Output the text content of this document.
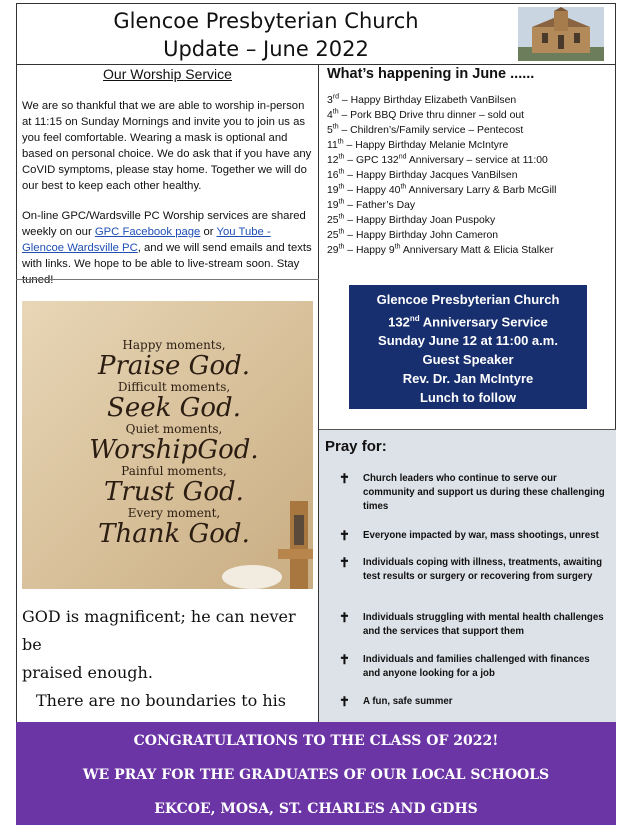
Glencoe Presbyterian Church
Update – June 2022
Our Worship Service
We are so thankful that we are able to worship in-person at 11:15 on Sunday Mornings and invite you to join us as you feel comfortable. Wearing a mask is optional and based on personal choice. We do ask that if you have any CoVID symptoms, please stay home. Together we will do our best to keep each other healthy.
On-line GPC/Wardsville PC Worship services are shared weekly on our GPC Facebook page or You Tube - Glencoe Wardsville PC, and we will send emails and texts with links. We hope to be able to live-stream soon. Stay tuned!
Happy moments,
Praise God.
Difficult moments,
Seek God.
Quiet moments,
WorshipGod.
Painful moments,
Trust God.
Every moment,
Thank God.
GOD is magnificent; he can never be
praised enough.
There are no boundaries to his

What’s happening in June ......
3rd – Happy Birthday Elizabeth VanBilsen
4th – Pork BBQ Drive thru dinner – sold out
5th – Children’s/Family service – Pentecost
11th – Happy Birthday Melanie McIntyre
12th – GPC 132nd Anniversary – service at 11:00
16th – Happy Birthday Jacques VanBilsen
19th – Happy 40th Anniversary Larry & Barb McGill
19th – Father’s Day
25th – Happy Birthday Joan Puspoky
25th – Happy Birthday John Cameron
29th – Happy 9th Anniversary Matt & Elicia Stalker
Glencoe Presbyterian Church
132nd Anniversary Service
Sunday June 12 at 11:00 a.m.
Guest Speaker
Rev. Dr. Jan McIntyre
Lunch to follow
Pray for:
✝ Church leaders who continue to serve our community and support us during these challenging times
✝ Everyone impacted by war, mass shootings, unrest
✝ Individuals coping with illness, treatments, awaiting test results or surgery or recovering from surgery
✝ Individuals struggling with mental health challenges and the services that support them
✝ Individuals and families challenged with finances and anyone looking for a job
✝ A fun, safe summer
CONGRATULATIONS TO THE CLASS OF 2022!
WE PRAY FOR THE GRADUATES OF OUR LOCAL SCHOOLS
EKCOE, MOSA, ST. CHARLES AND GDHS
